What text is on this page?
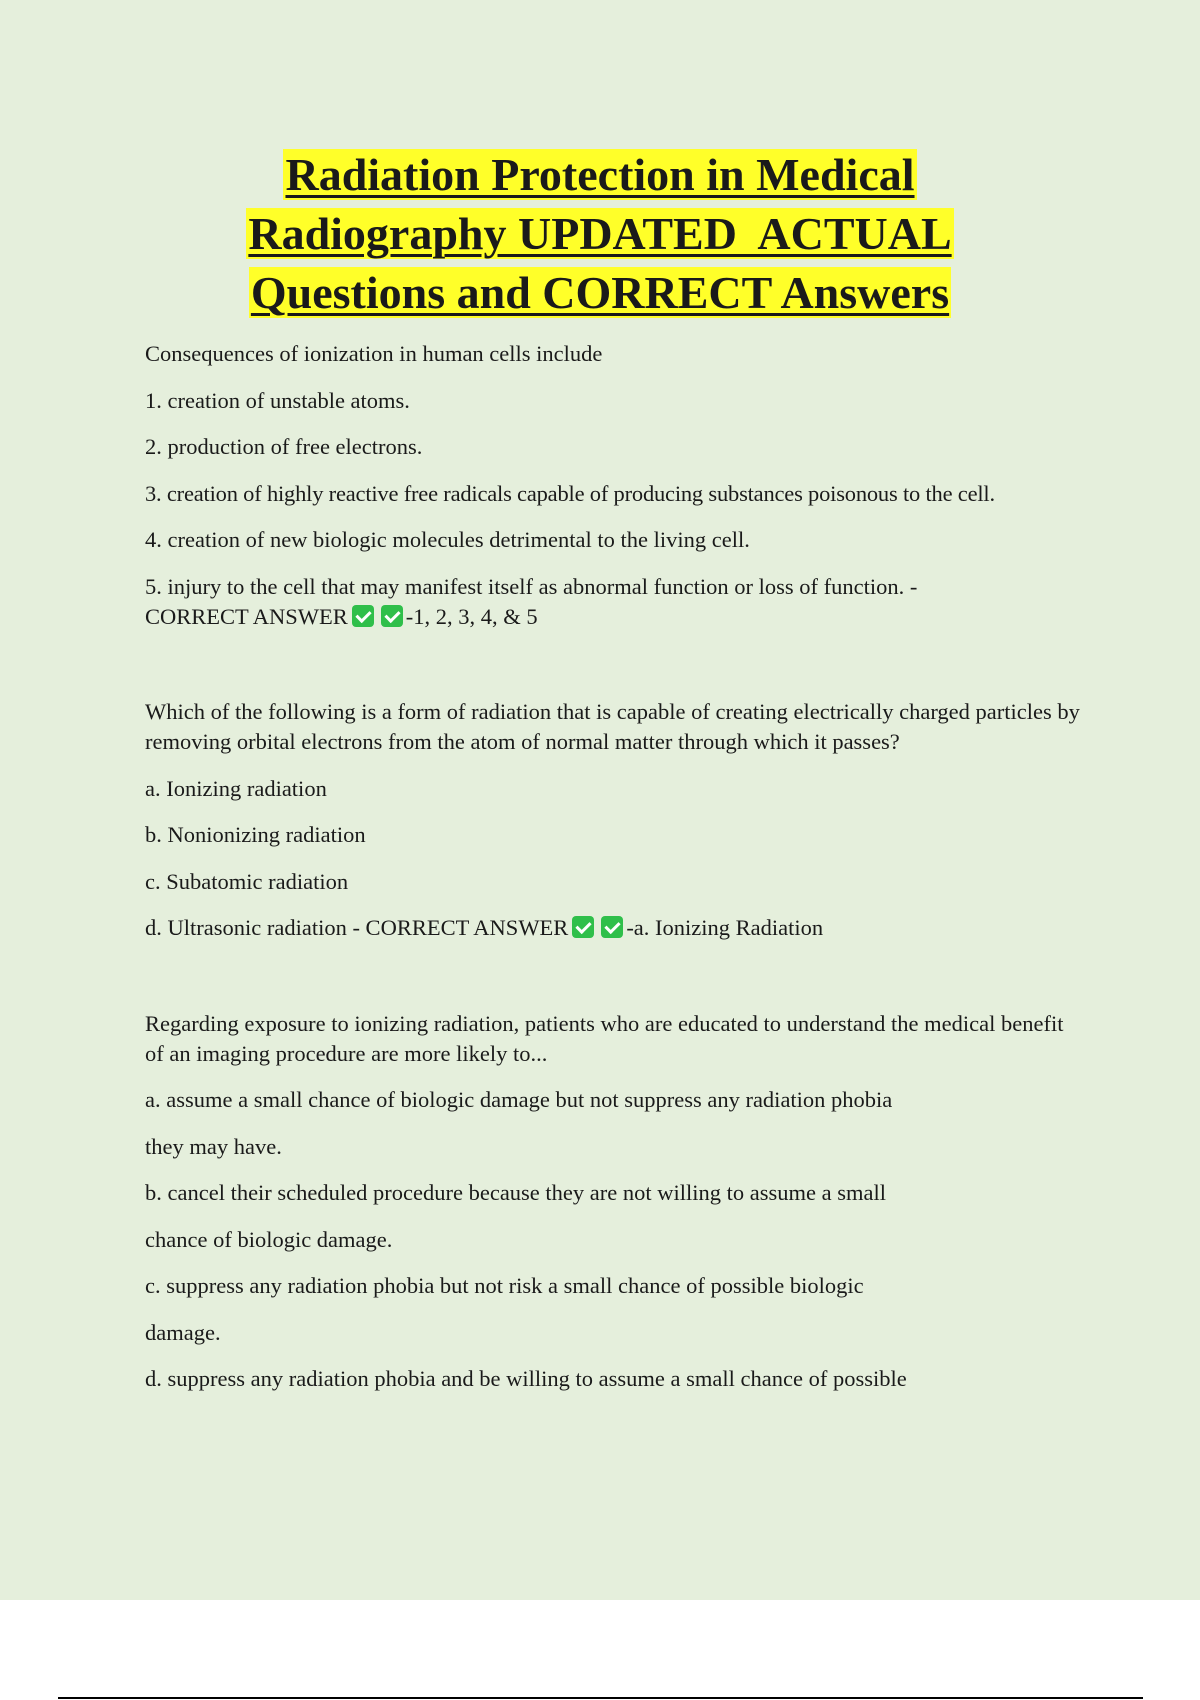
Radiation Protection in Medical
Radiography UPDATED  ACTUAL
Questions and CORRECT Answers
Consequences of ionization in human cells include
1. creation of unstable atoms.
2. production of free electrons.
3. creation of highly reactive free radicals capable of producing substances poisonous to the cell.
4. creation of new biologic molecules detrimental to the living cell.
5. injury to the cell that may manifest itself as abnormal function or loss of function. -
CORRECT ANSWER	-1, 2, 3, 4, & 5
Which of the following is a form of radiation that is capable of creating electrically charged particles by removing orbital electrons from the atom of normal matter through which it passes?
a. Ionizing radiation
b. Nonionizing radiation
c. Subatomic radiation
d. Ultrasonic radiation - CORRECT ANSWER	-a. Ionizing Radiation
Regarding exposure to ionizing radiation, patients who are educated to understand the medical benefit of an imaging procedure are more likely to...
a. assume a small chance of biologic damage but not suppress any radiation phobia
they may have.
b. cancel their scheduled procedure because they are not willing to assume a small
chance of biologic damage.
c. suppress any radiation phobia but not risk a small chance of possible biologic
damage.
d. suppress any radiation phobia and be willing to assume a small chance of possible
